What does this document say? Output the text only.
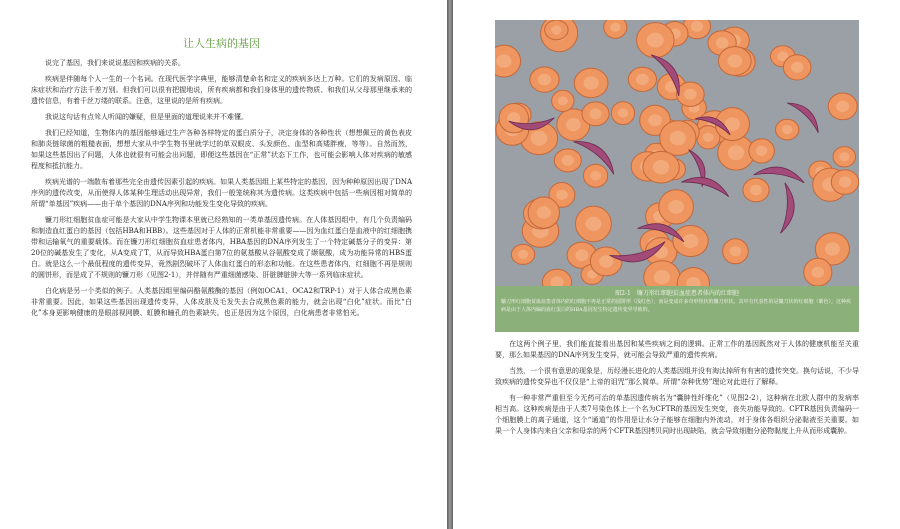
让人生病的基因

说完了基因，我们来说说基因和疾病的关系。

疾病是伴随每个人一生的一个名词。在现代医学字典里，能够清楚命名和定义的疾病多达上万种。它们的发病原因、临床症状和治疗方法千差万别。但我们可以很有把握地说，所有疾病都和我们身体里的遗传物质、和我们从父母那里继承来的遗传信息，有着千丝万缕的联系。注意，这里说的是所有疾病。

我说这句话有点耸人听闻的嫌疑，但是里面的道理说来并不难懂。

我们已经知道，生物体内的基因能够通过生产各种各样特定的蛋白质分子，决定身体的各种性状（想想佩豆的黄色表皮和肺炎链球菌的粗糙表面，想想大家从中学生物书里就学过的单双眼皮、头发颜色、血型和高矮胖瘦，等等）。自然而然，如果这些基因出了问题，人体也就很有可能会出问题，即便这些基因在“正常”状态下工作，也可能会影响人体对疾病的敏感程度和抵抗能力。

疾病光谱的一端散布着那些完全由遗传因素引起的疾病。如果人类基因组上某些特定的基因，因为种种原因出现了DNA序列的遗传改变，从而使得人体某种生理活动出现异常，我们一般笼统称其为遗传病。这类疾病中包括一些病因相对简单的所谓“单基因”疾病——由于单个基因的DNA序列和功能发生变化导致的疾病。

镰刀形红细胞贫血症可能是大家从中学生物课本里就已经熟知的一类单基因遗传病。在人体基因组中，有几个负责编码和制造血红蛋白的基因（包括HBA和HBB）。这些基因对于人体的正常机能非常重要——因为血红蛋白是血液中的红细胞携带和运输氧气的重要载体。而在镰刀形红细胞贫血症患者体内，HBA基因的DNA序列发生了一个特定碱基分子的变异：第20位的碱基发生了变化，从A变成了T，从而导致HBA蛋白第7位的氨基酸从谷氨酸变成了缬氨酸，成为功能异常的HBS蛋白。就是这么一个最低程度的遗传变异，竟然剧烈破坏了人体血红蛋白的形态和功能。在这些患者体内，红细胞不再是规则的圆饼形，而是成了不规则的镰刀形（见图2-1），并伴随有严重细菌感染、肝脏脾脏肿大等一系列临床症状。

白化病是另一个类似的例子。人类基因组里编码酪氨酸酶的基因（例如OCA1、OCA2和TRP-1）对于人体合成黑色素非常重要。因此，如果这些基因出现遗传变异，人体皮肤及毛发失去合成黑色素的能力，就会出现“白化”症状。而比“白化”本身更影响健康的是眼部视网膜、虹膜和瞳孔的色素缺失。也正是因为这个原因，白化病患者非常怕光。

图2-1　镰刀形红细胞贫血症患者体内的红细胞
镰刀形红细胞贫血症患者体内的红细胞不再是正常的圆饼形（浅红色），而是变成许多奇形怪状的镰刀形状。其中有代表性的是镰刀状的红细胞（紫色）。这种疾病是由于人体内编码血红蛋白的HBA基因发生特定遗传变异导致的。

在这两个例子里，我们能直接看出基因和某些疾病之间的逻辑。正常工作的基因既然对于人体的健康机能至关重要，那么如果基因的DNA序列发生变异，就可能会导致严重的遗传疾病。

当然，一个很有意思的现象是，历经漫长进化的人类基因组并没有淘汰掉所有有害的遗传突变。换句话说，不少导致疾病的遗传变异也不仅仅是“上帝的诅咒”那么简单。所谓“杂种优势”理论对此进行了解释。

有一种非常严重但至今无药可治的单基因遗传病名为“囊肿性纤维化”（见图2-2），这种病在北欧人群中的发病率相当高。这种疾病是由于人类7号染色体上一个名为CFTR的基因发生突变，丧失功能导致的。CFTR基因负责编码一个细胞膜上的离子通道，这个“通道”的作用是让水分子能够在细胞内外流动，对于身体各组织分泌黏液至关重要。如果一个人身体内来自父亲和母亲的两个CFTR基因拷贝同时出现缺陷，就会导致细胞分泌物黏度上升从而形成囊肿。
